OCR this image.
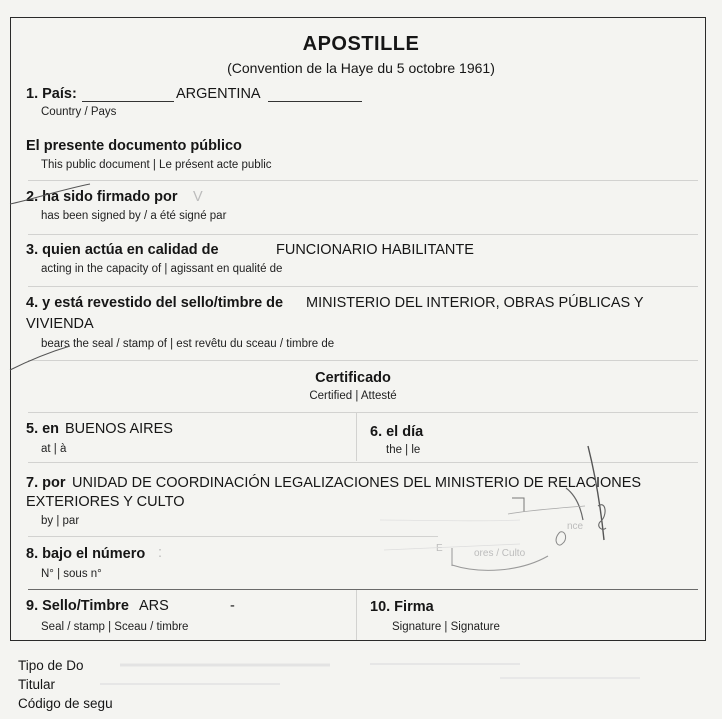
APOSTILLE
(Convention de la Haye du 5 octobre 1961)
1. País:	ARGENTINA
Country / Pays
El presente documento público
This public document | Le présent acte public
2. ha sido firmado por V
has been signed by / a été signé par
3. quien actúa en calidad de	FUNCIONARIO HABILITANTE
acting in the capacity of | agissant en qualité de
4. y está revestido del sello/timbre de MINISTERIO DEL INTERIOR, OBRAS PÚBLICAS Y
VIVIENDA
bears the seal / stamp of | est revêtu du sceau / timbre de
Certificado
Certified | Attesté
5. en BUENOS AIRES
at | à
6. el día
the | le
7. por UNIDAD DE COORDINACIÓN LEGALIZACIONES DEL MINISTERIO DE RELACIONES
EXTERIORES Y CULTO
by | par
8. bajo el número :
N° | sous n°
9. Sello/Timbre ARS	-
Seal / stamp | Sceau / timbre
10. Firma
Signature | Signature
E	ores / Culto
nce
Tipo de Do
Titular
Código de segu
